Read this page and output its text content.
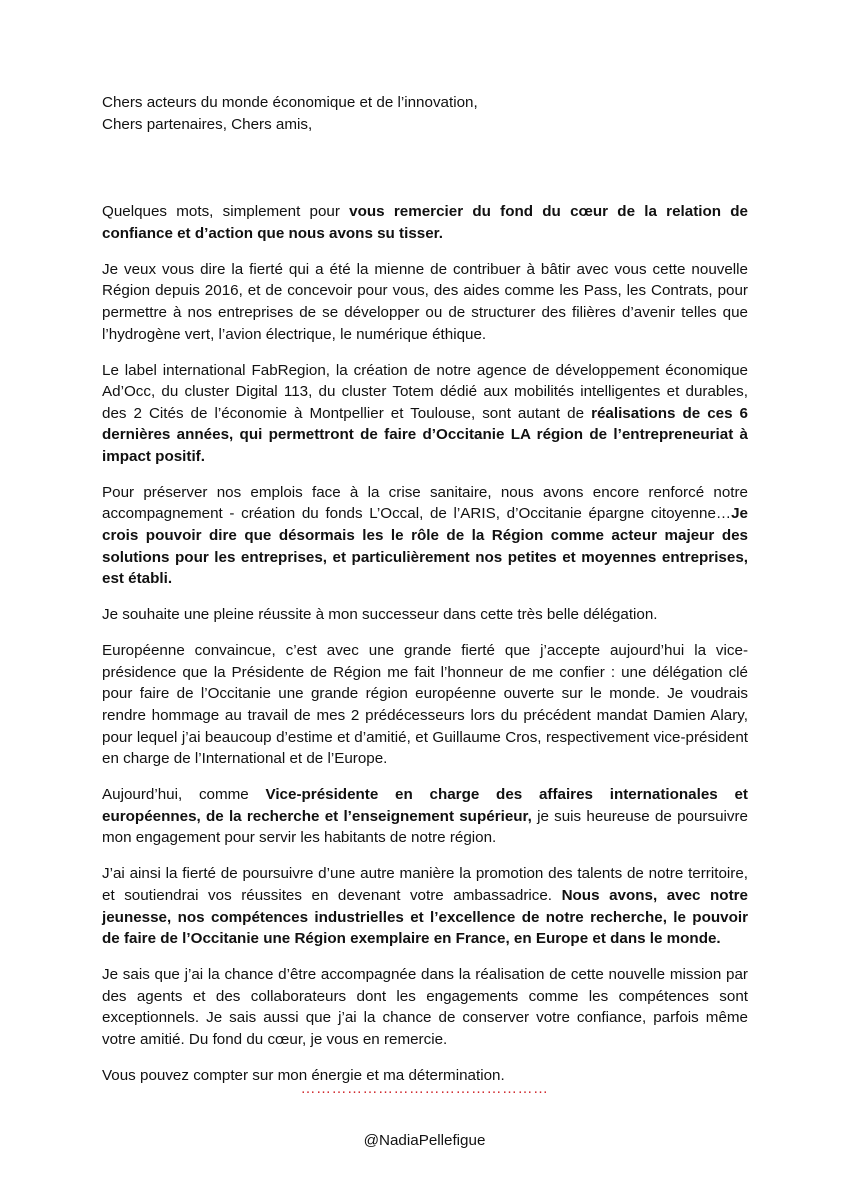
Chers acteurs du monde économique et de l’innovation,

Chers partenaires, Chers amis,

Quelques mots, simplement pour vous remercier du fond du cœur de la relation de confiance et d’action que nous avons su tisser.

Je veux vous dire la fierté qui a été la mienne de contribuer à bâtir avec vous cette nouvelle Région depuis 2016, et de concevoir pour vous, des aides comme les Pass, les Contrats, pour permettre à nos entreprises de se développer ou de structurer des filières d’avenir telles que l’hydrogène vert, l’avion électrique, le numérique éthique.

Le label international FabRegion, la création de notre agence de développement économique Ad’Occ, du cluster Digital 113, du cluster Totem dédié aux mobilités intelligentes et durables, des 2 Cités de l’économie à Montpellier et Toulouse, sont autant de réalisations de ces 6 dernières années, qui permettront de faire d’Occitanie LA région de l’entrepreneuriat à impact positif.

Pour préserver nos emplois face à la crise sanitaire, nous avons encore renforcé notre accompagnement - création du fonds L’Occal, de l’ARIS, d’Occitanie épargne citoyenne…Je crois pouvoir dire que désormais les le rôle de la Région comme acteur majeur des solutions pour les entreprises, et particulièrement nos petites et moyennes entreprises, est établi.

Je souhaite une pleine réussite à mon successeur dans cette très belle délégation.

Européenne convaincue, c’est avec une grande fierté que j’accepte aujourd’hui la vice-présidence que la Présidente de Région me fait l’honneur de me confier : une délégation clé pour faire de l’Occitanie une grande région européenne ouverte sur le monde. Je voudrais rendre hommage au travail de mes 2 prédécesseurs lors du précédent mandat Damien Alary, pour lequel j’ai beaucoup d’estime et d’amitié, et Guillaume Cros, respectivement vice-président en charge de l’International et de l’Europe.

Aujourd’hui, comme Vice-présidente en charge des affaires internationales et européennes, de la recherche et l’enseignement supérieur, je suis heureuse de poursuivre mon engagement pour servir les habitants de notre région.

J’ai ainsi la fierté de poursuivre d’une autre manière la promotion des talents de notre territoire, et soutiendrai vos réussites en devenant votre ambassadrice. Nous avons, avec notre jeunesse, nos compétences industrielles et l’excellence de notre recherche, le pouvoir de faire de l’Occitanie une Région exemplaire en France, en Europe et dans le monde.

Je sais que j’ai la chance d’être accompagnée dans la réalisation de cette nouvelle mission par des agents et des collaborateurs dont les engagements comme les compétences sont exceptionnels. Je sais aussi que j’ai la chance de conserver votre confiance, parfois même votre amitié. Du fond du cœur, je vous en remercie.

Vous pouvez compter sur mon énergie et ma détermination.

…………………………………………
@NadiaPellefigue
